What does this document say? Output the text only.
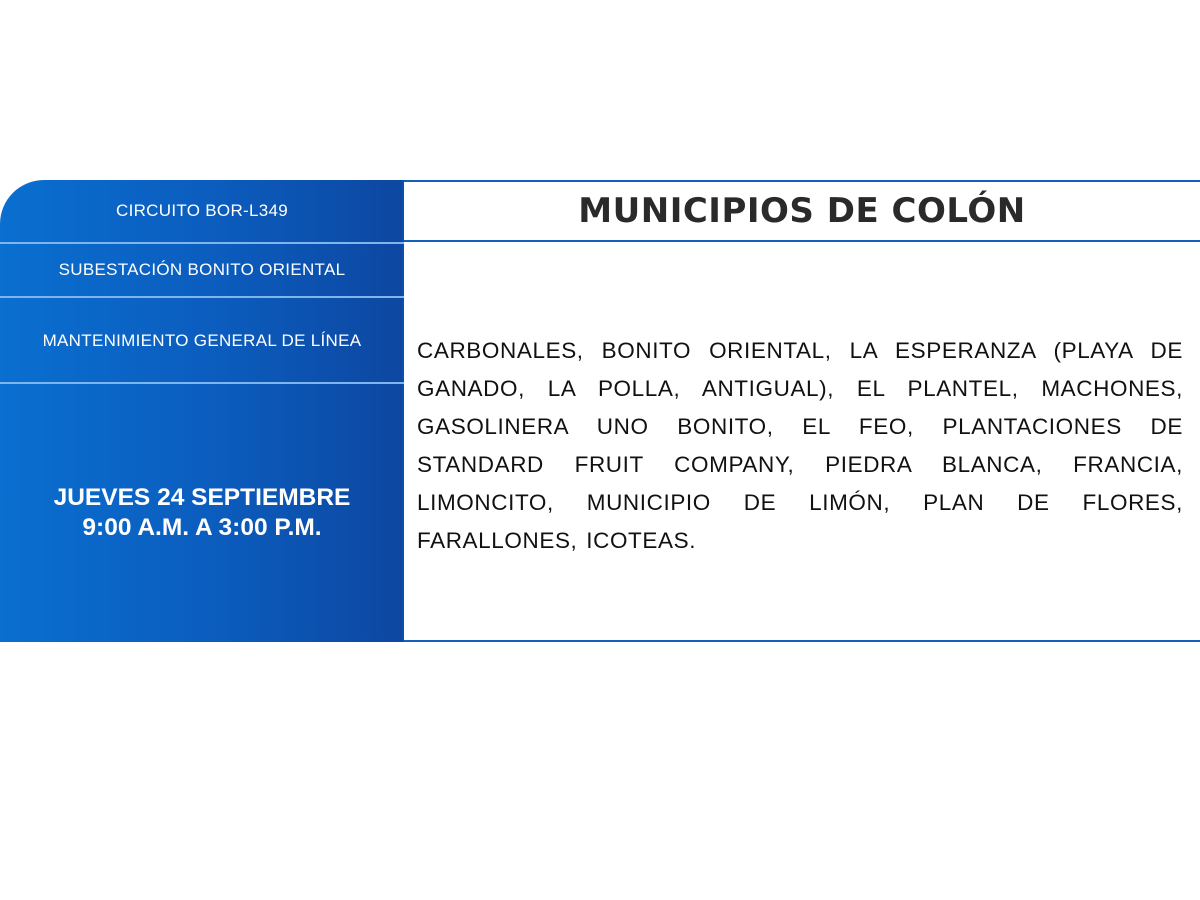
CIRCUITO BOR-L349
SUBESTACIÓN BONITO ORIENTAL
MANTENIMIENTO GENERAL DE LÍNEA
JUEVES 24 SEPTIEMBRE
9:00 A.M. A 3:00 P.M.
MUNICIPIOS DE COLÓN
CARBONALES, BONITO ORIENTAL, LA ESPERANZA (PLAYA DE GANADO, LA POLLA, ANTIGUAL), EL PLANTEL, MACHONES, GASOLINERA UNO BONITO, EL FEO, PLANTACIONES DE STANDARD FRUIT COMPANY, PIEDRA BLANCA, FRANCIA, LIMONCITO, MUNICIPIO DE LIMÓN, PLAN DE FLORES, FARALLONES, ICOTEAS.
